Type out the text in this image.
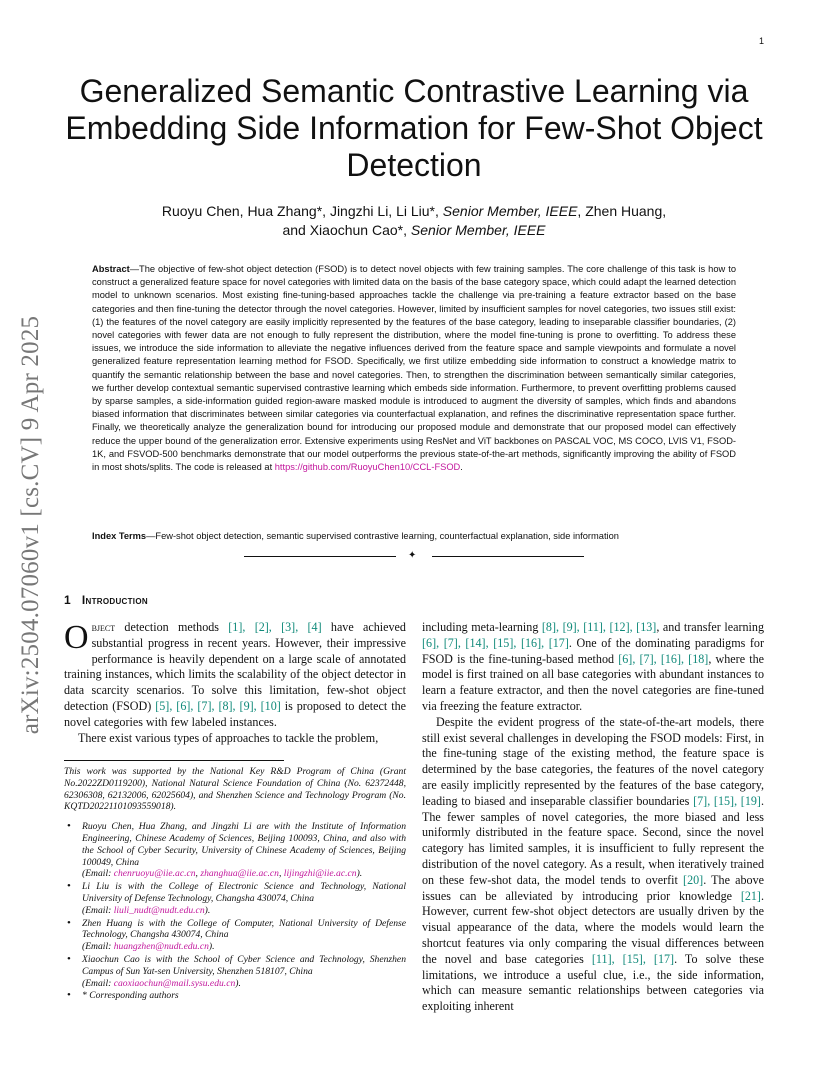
1
arXiv:2504.07060v1 [cs.CV] 9 Apr 2025
Generalized Semantic Contrastive Learning via Embedding Side Information for Few-Shot Object Detection
Ruoyu Chen, Hua Zhang*, Jingzhi Li, Li Liu*, Senior Member, IEEE, Zhen Huang,
and Xiaochun Cao*, Senior Member, IEEE
Abstract—The objective of few-shot object detection (FSOD) is to detect novel objects with few training samples. The core challenge of this task is how to construct a generalized feature space for novel categories with limited data on the basis of the base category space, which could adapt the learned detection model to unknown scenarios. Most existing fine-tuning-based approaches tackle the challenge via pre-training a feature extractor based on the base categories and then fine-tuning the detector through the novel categories. However, limited by insufficient samples for novel categories, two issues still exist: (1) the features of the novel category are easily implicitly represented by the features of the base category, leading to inseparable classifier boundaries, (2) novel categories with fewer data are not enough to fully represent the distribution, where the model fine-tuning is prone to overfitting. To address these issues, we introduce the side information to alleviate the negative influences derived from the feature space and sample viewpoints and formulate a novel generalized feature representation learning method for FSOD. Specifically, we first utilize embedding side information to construct a knowledge matrix to quantify the semantic relationship between the base and novel categories. Then, to strengthen the discrimination between semantically similar categories, we further develop contextual semantic supervised contrastive learning which embeds side information. Furthermore, to prevent overfitting problems caused by sparse samples, a side-information guided region-aware masked module is introduced to augment the diversity of samples, which finds and abandons biased information that discriminates between similar categories via counterfactual explanation, and refines the discriminative representation space further. Finally, we theoretically analyze the generalization bound for introducing our proposed module and demonstrate that our proposed model can effectively reduce the upper bound of the generalization error. Extensive experiments using ResNet and ViT backbones on PASCAL VOC, MS COCO, LVIS V1, FSOD-1K, and FSVOD-500 benchmarks demonstrate that our model outperforms the previous state-of-the-art methods, significantly improving the ability of FSOD in most shots/splits. The code is released at https://github.com/RuoyuChen10/CCL-FSOD.
Index Terms—Few-shot object detection, semantic supervised contrastive learning, counterfactual explanation, side information
✦
1 Introduction

Object detection methods [1], [2], [3], [4] have achieved substantial progress in recent years. However, their impressive performance is heavily dependent on a large scale of annotated training instances, which limits the scalability of the object detector in data scarcity scenarios. To solve this limitation, few-shot object detection (FSOD) [5], [6], [7], [8], [9], [10] is proposed to detect the novel categories with few labeled instances.

There exist various types of approaches to tackle the problem,

This work was supported by the National Key R&D Program of China (Grant No.2022ZD0119200), National Natural Science Foundation of China (No. 62372448, 62306308, 62132006, 62025604), and Shenzhen Science and Technology Program (No. KQTD20221101093559018).

• Ruoyu Chen, Hua Zhang, and Jingzhi Li are with the Institute of Information Engineering, Chinese Academy of Sciences, Beijing 100093, China, and also with the School of Cyber Security, University of Chinese Academy of Sciences, Beijing 100049, China
(Email: chenruoyu@iie.ac.cn, zhanghua@iie.ac.cn, lijingzhi@iie.ac.cn).
• Li Liu is with the College of Electronic Science and Technology, National University of Defense Technology, Changsha 430074, China
(Email: liuli_nudt@nudt.edu.cn).
• Zhen Huang is with the College of Computer, National University of Defense Technology, Changsha 430074, China
(Email: huangzhen@nudt.edu.cn).
• Xiaochun Cao is with the School of Cyber Science and Technology, Shenzhen Campus of Sun Yat-sen University, Shenzhen 518107, China
(Email: caoxiaochun@mail.sysu.edu.cn).
• * Corresponding authors

including meta-learning [8], [9], [11], [12], [13], and transfer learning [6], [7], [14], [15], [16], [17]. One of the dominating paradigms for FSOD is the fine-tuning-based method [6], [7], [16], [18], where the model is first trained on all base categories with abundant instances to learn a feature extractor, and then the novel categories are fine-tuned via freezing the feature extractor.

Despite the evident progress of the state-of-the-art models, there still exist several challenges in developing the FSOD models: First, in the fine-tuning stage of the existing method, the feature space is determined by the base categories, the features of the novel category are easily implicitly represented by the features of the base category, leading to biased and inseparable classifier boundaries [7], [15], [19]. The fewer samples of novel categories, the more biased and less uniformly distributed in the feature space. Second, since the novel category has limited samples, it is insufficient to fully represent the distribution of the novel category. As a result, when iteratively trained on these few-shot data, the model tends to overfit [20]. The above issues can be alleviated by introducing prior knowledge [21]. However, current few-shot object detectors are usually driven by the visual appearance of the data, where the models would learn the shortcut features via only comparing the visual differences between the novel and base categories [11], [15], [17]. To solve these limitations, we introduce a useful clue, i.e., the side information, which can measure semantic relationships between categories via exploiting inherent
